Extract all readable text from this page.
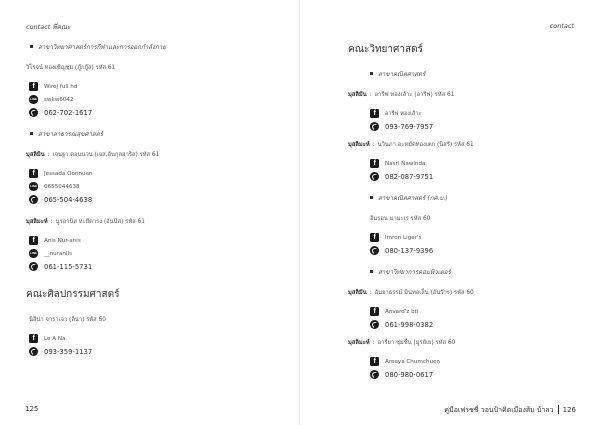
contact พี่คณะ
สาขาวิทยาศาสตร์การกีฬาและการออกกำลังกาย
วิโรจน์ ทองเชิญชุ่ย (ภู๊กกู๊ส) รหัส 61
f	Wiroj full hd
LINE swkw6042
062-702-1617
สาขาสาธารณสุขศาสตร์
มุสลิมิน : เจนฐา ดอนนวน (เจส,อันกุลฮาริส) รหัส 61
f	Jessada Oonnuan
LINE 0655044638
065-504-4638
มุสลิมะห์ : นูรอานิส หะยีดารง (อันนิส) รหัส 61
f	Anis Nur-anis
LINE __nuranils
061-115-5731
คณะศิลปกรรมศาสตร์
นิสิน่า จาราเจา (ลิน่า) รหัส 60
f	Le A Na
093-359-1137
125
contact
คณะวิทยาศาสตร์
สาขาคณิตศาสตร์
มุสลิมีน : อารีฟ ทองเส้าะ (อารีฟ) รหัส 61
f	อารีฟ ทองเส้าะ
093-769-7957
มุสลิมะห์ : นวินภา อะหมัดทองเตก (นิสรี) รหัส 61
f	Nasri Nawinda
082-087-9751
สาขาคณิตศาสตร์ (กศ.บ.)
อิมรอน มามะเร รหัส 60
f	Imron Liger's
080-137-9396
สาขาวิทยาการคอมพิวเตอร์
มุสลิมีน : อันยาธรรม์ มินทอเส็น (อันวัาร) รหัส 60
f	Anvard'z btl
061-998-0382
มุสลิมะห์ : อารียา ชุ่มชื่น (มูรยัเย) รหัส 60
f	Areeya Chumchuen
080-980-0617
คู่มือเฟรชชี่ วอนป้าคิดเมืองส้ม บ้าลว 126
